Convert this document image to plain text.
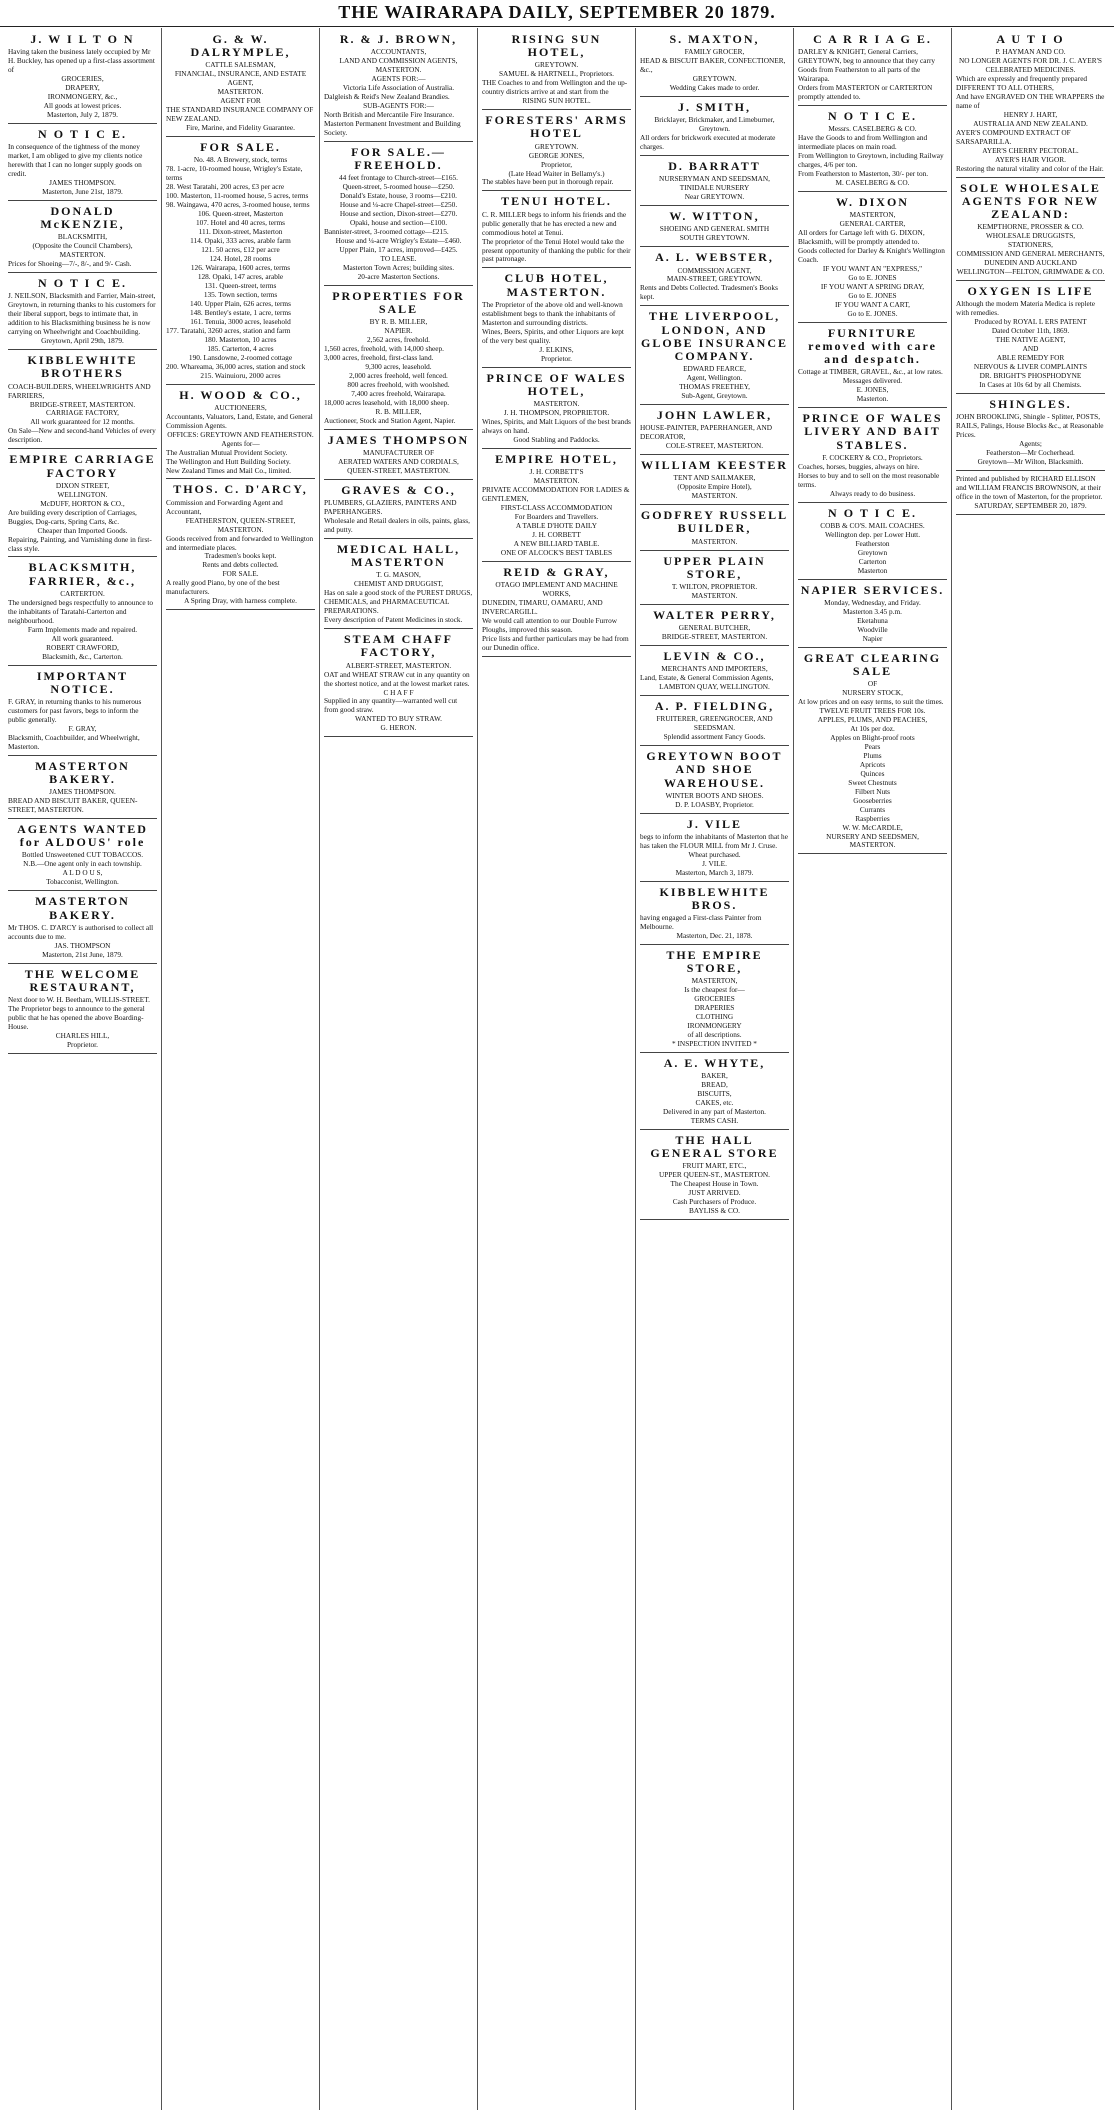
THE WAIRARAPA DAILY, SEPTEMBER 20 1879.
J. W I L T O N

Having taken the business lately occupied by Mr H. Buckley, has opened up a first-class assortment of

GROCERIES,

DRAPERY,

IRONMONGERY, &c.,

All goods at lowest prices.

Masterton, July 2, 1879.

N O T I C E.

In consequence of the tightness of the money market, I am obliged to give my clients notice herewith that I can no longer supply goods on credit.

JAMES THOMPSON.

Masterton, June 21st, 1879.

DONALD McKENZIE,

BLACKSMITH,

(Opposite the Council Chambers),

MASTERTON.

Prices for Shoeing—7/-, 8/-, and 9/- Cash.

N O T I C E.

J. NEILSON, Blacksmith and Farrier, Main-street, Greytown, in returning thanks to his customers for their liberal support, begs to intimate that, in addition to his Blacksmithing business he is now carrying on Wheelwright and Coachbuilding.

Greytown, April 29th, 1879.

KIBBLEWHITE BROTHERS

COACH-BUILDERS, WHEELWRIGHTS AND FARRIERS,

BRIDGE-STREET, MASTERTON.

CARRIAGE FACTORY,

All work guaranteed for 12 months.

On Sale—New and second-hand Vehicles of every description.

EMPIRE CARRIAGE FACTORY

DIXON STREET,

WELLINGTON.

McDUFF, HORTON & CO.,

Are building every description of Carriages, Buggies, Dog-carts, Spring Carts, &c.

Cheaper than Imported Goods.

Repairing, Painting, and Varnishing done in first-class style.

BLACKSMITH, FARRIER, &c.,

CARTERTON.

The undersigned begs respectfully to announce to the inhabitants of Taratahi-Carterton and neighbourhood.

Farm Implements made and repaired.

All work guaranteed.

ROBERT CRAWFORD,

Blacksmith, &c., Carterton.

IMPORTANT NOTICE.

F. GRAY, in returning thanks to his numerous customers for past favors, begs to inform the public generally.

F. GRAY,

Blacksmith, Coachbuilder, and Wheelwright, Masterton.

MASTERTON BAKERY.

JAMES THOMPSON.

BREAD AND BISCUIT BAKER, QUEEN-STREET, MASTERTON.

AGENTS WANTED for ALDOUS' role

Bottled Unsweetened CUT TOBACCOS.

N.B.—One agent only in each township.

A L D O U S,

Tobacconist, Wellington.

MASTERTON BAKERY.

Mr THOS. C. D'ARCY is authorised to collect all accounts due to me.

JAS. THOMPSON

Masterton, 21st June, 1879.

THE WELCOME RESTAURANT,

Next door to W. H. Beetham, WILLIS-STREET.

The Proprietor begs to announce to the general public that he has opened the above Boarding-House.

CHARLES HILL,

Proprietor.

G. & W. DALRYMPLE,

CATTLE SALESMAN,

FINANCIAL, INSURANCE, AND ESTATE AGENT,

MASTERTON.

AGENT FOR

THE STANDARD INSURANCE COMPANY OF NEW ZEALAND.

Fire, Marine, and Fidelity Guarantee.

FOR SALE.

No. 48. A Brewery, stock, terms

78. 1-acre, 10-roomed house, Wrigley's Estate, terms

28. West Taratahi, 200 acres, £3 per acre

100. Masterton, 11-roomed house, 5 acres, terms

98. Waingawa, 470 acres, 3-roomed house, terms

106. Queen-street, Masterton

107. Hotel and 40 acres, terms

111. Dixon-street, Masterton

114. Opaki, 333 acres, arable farm

121. 50 acres, £12 per acre

124. Hotel, 28 rooms

126. Wairarapa, 1600 acres, terms

128. Opaki, 147 acres, arable

131. Queen-street, terms

135. Town section, terms

140. Upper Plain, 626 acres, terms

148. Bentley's estate, 1 acre, terms

161. Tenuia, 3000 acres, leasehold

177. Taratahi, 3260 acres, station and farm

180. Masterton, 10 acres

185. Carterton, 4 acres

190. Lansdowne, 2-roomed cottage

200. Whareama, 36,000 acres, station and stock

215. Wainuioru, 2000 acres

H. WOOD & CO.,

AUCTIONEERS,

Accountants, Valuators, Land, Estate, and General Commission Agents.

OFFICES: GREYTOWN AND FEATHERSTON.

Agents for—

The Australian Mutual Provident Society.

The Wellington and Hutt Building Society.

New Zealand Times and Mail Co., limited.

THOS. C. D'ARCY,

Commission and Forwarding Agent and Accountant,

FEATHERSTON, QUEEN-STREET, MASTERTON.

Goods received from and forwarded to Wellington and intermediate places.

Tradesmen's books kept.

Rents and debts collected.

FOR SALE.

A really good Piano, by one of the best manufacturers.

A Spring Dray, with harness complete.

R. & J. BROWN,

ACCOUNTANTS,

LAND AND COMMISSION AGENTS,

MASTERTON.

AGENTS FOR:—

Victoria Life Association of Australia.

Dalgleish & Reid's New Zealand Brandies.

SUB-AGENTS FOR:—

North British and Mercantile Fire Insurance.

Masterton Permanent Investment and Building Society.

FOR SALE.—FREEHOLD.

44 feet frontage to Church-street—£165.

Queen-street, 5-roomed house—£250.

Donald's Estate, house, 3 rooms—£210.

House and ¼-acre Chapel-street—£250.

House and section, Dixon-street—£270.

Opaki, house and section—£100.

Bannister-street, 3-roomed cottage—£215.

House and ¼-acre Wrigley's Estate—£460.

Upper Plain, 17 acres, improved—£425.

TO LEASE.

Masterton Town Acres; building sites.

20-acre Masterton Sections.

PROPERTIES FOR SALE

BY R. B. MILLER,

NAPIER.

2,562 acres, freehold.

1,560 acres, freehold, with 14,000 sheep.

3,000 acres, freehold, first-class land.

9,300 acres, leasehold.

2,000 acres freehold, well fenced.

800 acres freehold, with woolshed.

7,400 acres freehold, Wairarapa.

18,000 acres leasehold, with 18,000 sheep.

R. B. MILLER,

Auctioneer, Stock and Station Agent, Napier.

JAMES THOMPSON

MANUFACTURER OF

AERATED WATERS AND CORDIALS,

QUEEN-STREET, MASTERTON.

GRAVES & CO.,

PLUMBERS, GLAZIERS, PAINTERS AND PAPERHANGERS.

Wholesale and Retail dealers in oils, paints, glass, and putty.

MEDICAL HALL, MASTERTON

T. G. MASON,

CHEMIST AND DRUGGIST,

Has on sale a good stock of the PUREST DRUGS, CHEMICALS, and PHARMACEUTICAL PREPARATIONS.

Every description of Patent Medicines in stock.

STEAM CHAFF FACTORY,

ALBERT-STREET, MASTERTON.

OAT and WHEAT STRAW cut in any quantity on the shortest notice, and at the lowest market rates.

C H A F F

Supplied in any quantity—warranted well cut from good straw.

WANTED TO BUY STRAW.

G. HERON.

RISING SUN HOTEL,

GREYTOWN.

SAMUEL & HARTNELL, Proprietors.

THE Coaches to and from Wellington and the up-country districts arrive at and start from the

RISING SUN HOTEL.

FORESTERS' ARMS HOTEL

GREYTOWN.

GEORGE JONES,

Proprietor,

(Late Head Waiter in Bellamy's.)

The stables have been put in thorough repair.

TENUI HOTEL.

C. R. MILLER begs to inform his friends and the public generally that he has erected a new and commodious hotel at Tenui.

The proprietor of the Tenui Hotel would take the present opportunity of thanking the public for their past patronage.

CLUB HOTEL, MASTERTON.

The Proprietor of the above old and well-known establishment begs to thank the inhabitants of Masterton and surrounding districts.

Wines, Beers, Spirits, and other Liquors are kept of the very best quality.

J. ELKINS,

Proprietor.

PRINCE OF WALES HOTEL,

MASTERTON.

J. H. THOMPSON, PROPRIETOR.

Wines, Spirits, and Malt Liquors of the best brands always on hand.

Good Stabling and Paddocks.

EMPIRE HOTEL,

J. H. CORBETT'S

MASTERTON.

PRIVATE ACCOMMODATION FOR LADIES & GENTLEMEN,

FIRST-CLASS ACCOMMODATION

For Boarders and Travellers.

A TABLE D'HOTE DAILY

J. H. CORBETT

A NEW BILLIARD TABLE.

ONE OF ALCOCK'S BEST TABLES

REID & GRAY,

OTAGO IMPLEMENT AND MACHINE WORKS,

DUNEDIN, TIMARU, OAMARU, AND INVERCARGILL.

We would call attention to our Double Furrow Ploughs, improved this season.

Price lists and further particulars may be had from our Dunedin office.

S. MAXTON,

FAMILY GROCER,

HEAD & BISCUIT BAKER, CONFECTIONER, &c.,

GREYTOWN.

Wedding Cakes made to order.

J. SMITH,

Bricklayer, Brickmaker, and Limeburner,

Greytown.

All orders for brickwork executed at moderate charges.

D. BARRATT

NURSERYMAN AND SEEDSMAN,

TINIDALE NURSERY

Near GREYTOWN.

W. WITTON,

SHOEING AND GENERAL SMITH

SOUTH GREYTOWN.

A. L. WEBSTER,

COMMISSION AGENT,

MAIN-STREET, GREYTOWN.

Rents and Debts Collected. Tradesmen's Books kept.

THE LIVERPOOL, LONDON, AND GLOBE INSURANCE COMPANY.

EDWARD FEARCE,

Agent, Wellington.

THOMAS FREETHEY,

Sub-Agent, Greytown.

JOHN LAWLER,

HOUSE-PAINTER, PAPERHANGER, AND DECORATOR,

COLE-STREET, MASTERTON.

WILLIAM KEESTER

TENT AND SAILMAKER,

(Opposite Empire Hotel),

MASTERTON.

GODFREY RUSSELL BUILDER,

MASTERTON.

UPPER PLAIN STORE,

T. WILTON, PROPRIETOR.

MASTERTON.

WALTER PERRY,

GENERAL BUTCHER,

BRIDGE-STREET, MASTERTON.

LEVIN & CO.,

MERCHANTS AND IMPORTERS,

Land, Estate, & General Commission Agents,

LAMBTON QUAY, WELLINGTON.

A. P. FIELDING,

FRUITERER, GREENGROCER, AND SEEDSMAN.

Splendid assortment Fancy Goods.

GREYTOWN BOOT AND SHOE WAREHOUSE.

WINTER BOOTS AND SHOES.

D. P. LOASBY, Proprietor.

J. VILE

begs to inform the inhabitants of Masterton that he has taken the FLOUR MILL from Mr J. Cruse.

Wheat purchased.

J. VILE.

Masterton, March 3, 1879.

KIBBLEWHITE BROS.

having engaged a First-class Painter from Melbourne.

Masterton, Dec. 21, 1878.

THE EMPIRE STORE,

MASTERTON,

Is the cheapest for—

GROCERIES

DRAPERIES

CLOTHING

IRONMONGERY

of all descriptions.

* INSPECTION INVITED *

A. E. WHYTE,

BAKER,

BREAD,

BISCUITS,

CAKES, etc.

Delivered in any part of Masterton.

TERMS CASH.

THE HALL GENERAL STORE

FRUIT MART, ETC.,

UPPER QUEEN-ST., MASTERTON.

The Cheapest House in Town.

JUST ARRIVED.

Cash Purchasers of Produce.

BAYLISS & CO.

C A R R I A G E.

DARLEY & KNIGHT, General Carriers, GREYTOWN, beg to announce that they carry Goods from Featherston to all parts of the Wairarapa.

Orders from MASTERTON or CARTERTON promptly attended to.

N O T I C E.

Messrs. CASELBERG & CO.

Have the Goods to and from Wellington and intermediate places on main road.

From Wellington to Greytown, including Railway charges, 4/6 per ton.

From Featherston to Masterton, 30/- per ton.

M. CASELBERG & CO.

W. DIXON

MASTERTON,

GENERAL CARTER,

All orders for Cartage left with G. DIXON, Blacksmith, will be promptly attended to.

Goods collected for Darley & Knight's Wellington Coach.

IF YOU WANT AN "EXPRESS,"

Go to E. JONES

IF YOU WANT A SPRING DRAY,

Go to E. JONES

IF YOU WANT A CART,

Go to E. JONES.

FURNITURE removed with care and despatch.

Cottage at TIMBER, GRAVEL, &c., at low rates.

Messages delivered.

E. JONES,

Masterton.

PRINCE OF WALES LIVERY AND BAIT STABLES.

F. COCKERY & CO., Proprietors.

Coaches, horses, buggies, always on hire.

Horses to buy and to sell on the most reasonable terms.

Always ready to do business.

N O T I C E.

COBB & CO'S. MAIL COACHES.

Wellington dep. per Lower Hutt.

Featherston

Greytown

Carterton

Masterton

NAPIER SERVICES.

Monday, Wednesday, and Friday.

Masterton 3.45 p.m.

Eketahuna

Woodville

Napier

GREAT CLEARING SALE

OF

NURSERY STOCK,

At low prices and on easy terms, to suit the times.

TWELVE FRUIT TREES FOR 10s.

APPLES, PLUMS, AND PEACHES,

At 10s per doz.

Apples on Blight-proof roots

Pears

Plums

Apricots

Quinces

Sweet Chestnuts

Filbert Nuts

Gooseberries

Currants

Raspberries

W. W. McCARDLE,

NURSERY AND SEEDSMEN,

MASTERTON.

A U T I O

P. HAYMAN AND CO.

NO LONGER AGENTS FOR DR. J. C. AYER'S

CELEBRATED MEDICINES.

Which are expressly and frequently prepared DIFFERENT TO ALL OTHERS,

And have ENGRAVED ON THE WRAPPERS the name of

HENRY J. HART,

AUSTRALIA AND NEW ZEALAND.

AYER'S COMPOUND EXTRACT OF SARSAPARILLA.

AYER'S CHERRY PECTORAL.

AYER'S HAIR VIGOR.

Restoring the natural vitality and color of the Hair.

SOLE WHOLESALE AGENTS FOR NEW ZEALAND:

KEMPTHORNE, PROSSER & CO.

WHOLESALE DRUGGISTS,

STATIONERS,

COMMISSION AND GENERAL MERCHANTS,

DUNEDIN AND AUCKLAND

WELLINGTON—FELTON, GRIMWADE & CO.

OXYGEN IS LIFE

Although the modern Materia Medica is replete with remedies.

Produced by ROYAL L ERS PATENT

Dated October 11th, 1869.

THE NATIVE AGENT,

AND

ABLE REMEDY FOR

NERVOUS & LIVER COMPLAINTS

DR. BRIGHT'S PHOSPHODYNE

In Cases at 10s 6d by all Chemists.

SHINGLES.

JOHN BROOKLING, Shingle - Splitter, POSTS, RAILS, Palings, House Blocks &c., at Reasonable Prices.

Agents;

Featherston—Mr Cocherhead.

Greytown—Mr Wilton, Blacksmith.

Printed and published by RICHARD ELLISON and WILLIAM FRANCIS BROWNSON, at their office in the town of Masterton, for the proprietor.

SATURDAY, SEPTEMBER 20, 1879.
